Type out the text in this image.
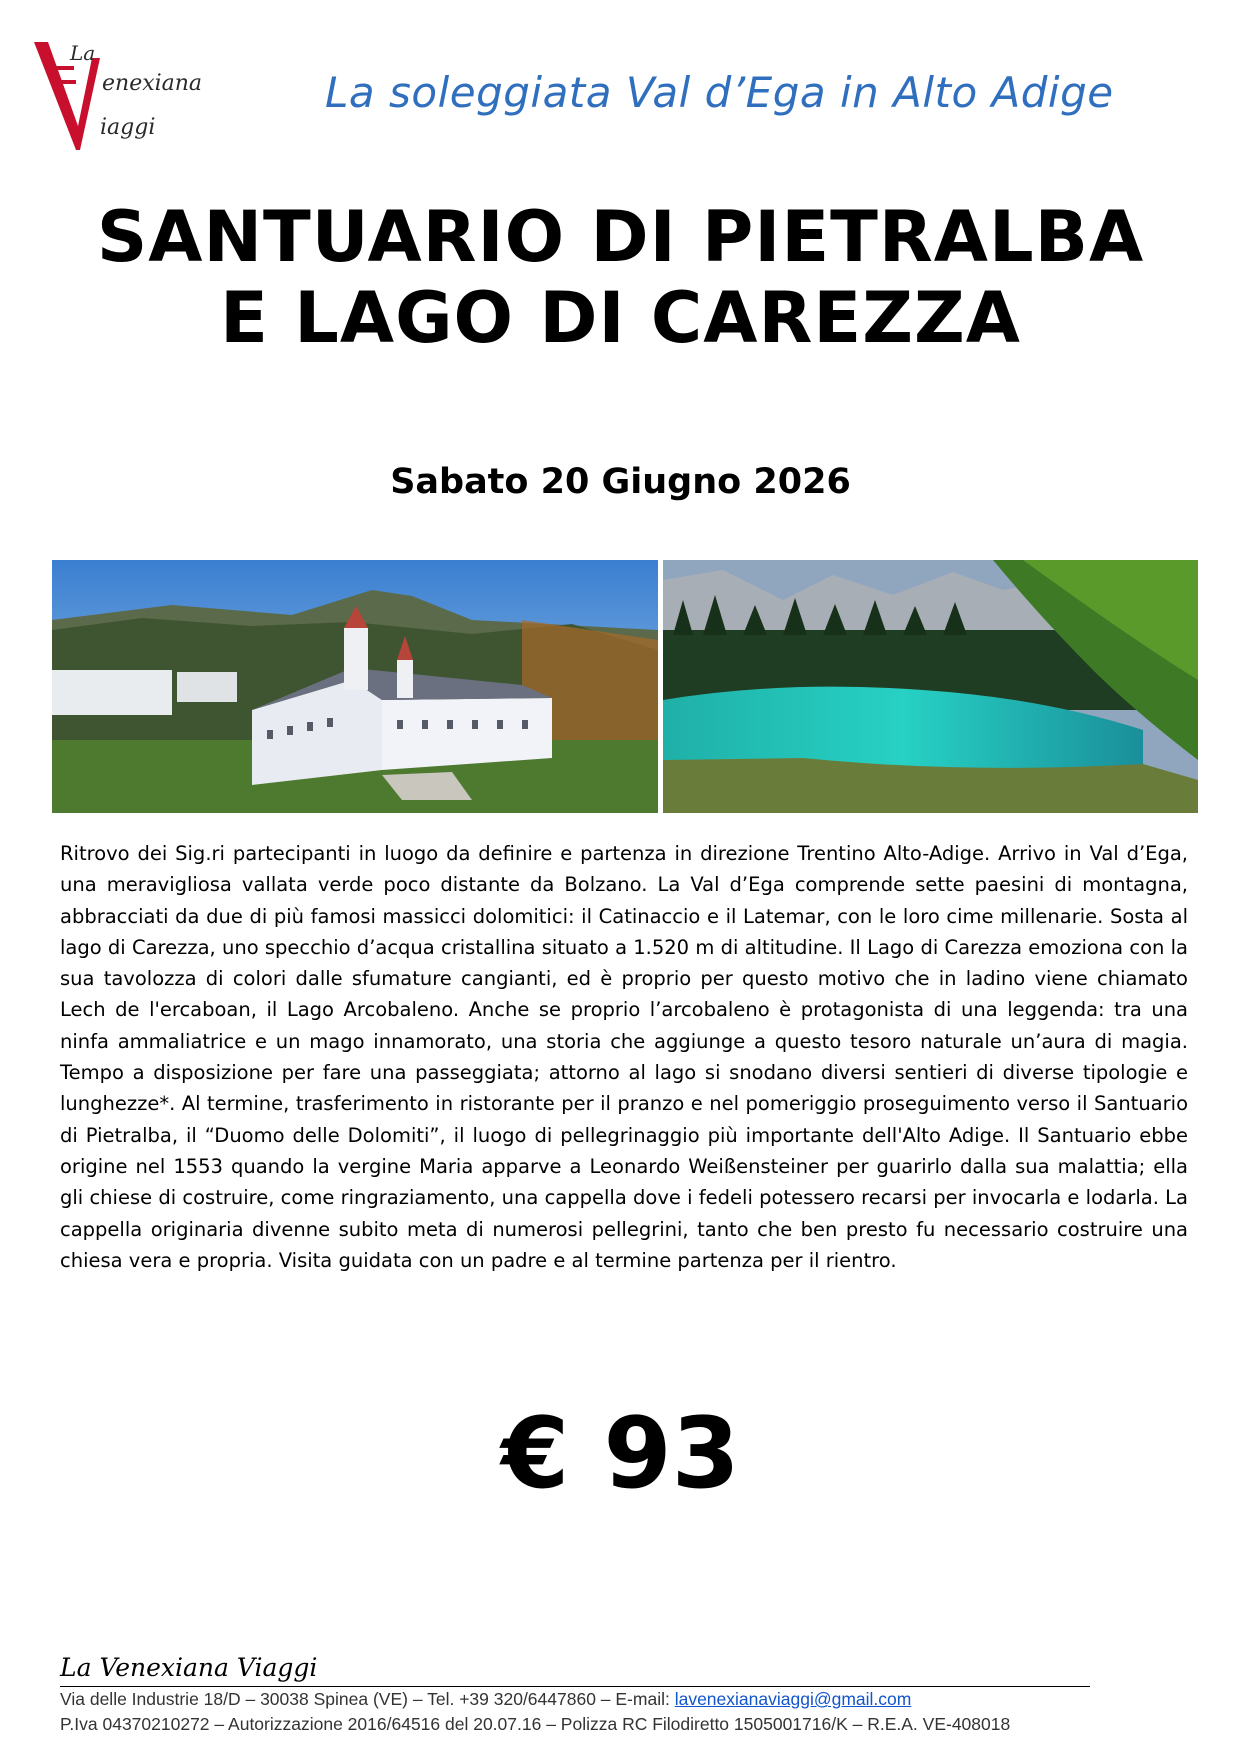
La
enexiana
iaggi
La soleggiata Val d’Ega in Alto Adige
SANTUARIO DI PIETRALBA
E LAGO DI CAREZZA
Sabato 20 Giugno 2026

Ritrovo dei Sig.ri partecipanti in luogo da definire e partenza in direzione Trentino Alto-Adige. Arrivo in Val d’Ega, una meravigliosa vallata verde poco distante da Bolzano. La Val d’Ega comprende sette paesini di montagna, abbracciati da due di più famosi massicci dolomitici: il Catinaccio e il Latemar, con le loro cime millenarie. Sosta al lago di Carezza, uno specchio d’acqua cristallina situato a 1.520 m di altitudine. Il Lago di Carezza emoziona con la sua tavolozza di colori dalle sfumature cangianti, ed è proprio per questo motivo che in ladino viene chiamato Lech de l'ercaboan, il Lago Arcobaleno. Anche se proprio l’arcobaleno è protagonista di una leggenda: tra una ninfa ammaliatrice e un mago innamorato, una storia che aggiunge a questo tesoro naturale un’aura di magia. Tempo a disposizione per fare una passeggiata; attorno al lago si snodano diversi sentieri di diverse tipologie e lunghezze*. Al termine, trasferimento in ristorante per il pranzo e nel pomeriggio proseguimento verso il Santuario di Pietralba, il “Duomo delle Dolomiti”, il luogo di pellegrinaggio più importante dell'Alto Adige. Il Santuario ebbe origine nel 1553 quando la vergine Maria apparve a Leonardo Weißensteiner per guarirlo dalla sua malattia; ella gli chiese di costruire, come ringraziamento, una cappella dove i fedeli potessero recarsi per invocarla e lodarla. La cappella originaria divenne subito meta di numerosi pellegrini, tanto che ben presto fu necessario costruire una chiesa vera e propria. Visita guidata con un padre e al termine partenza per il rientro.

€ 93
La Venexiana Viaggi
Via delle Industrie 18/D – 30038 Spinea (VE) – Tel. +39 320/6447860 – E-mail: lavenexianaviaggi@gmail.com
P.Iva 04370210272 – Autorizzazione 2016/64516 del 20.07.16 – Polizza RC Filodiretto 1505001716/K – R.E.A. VE-408018
